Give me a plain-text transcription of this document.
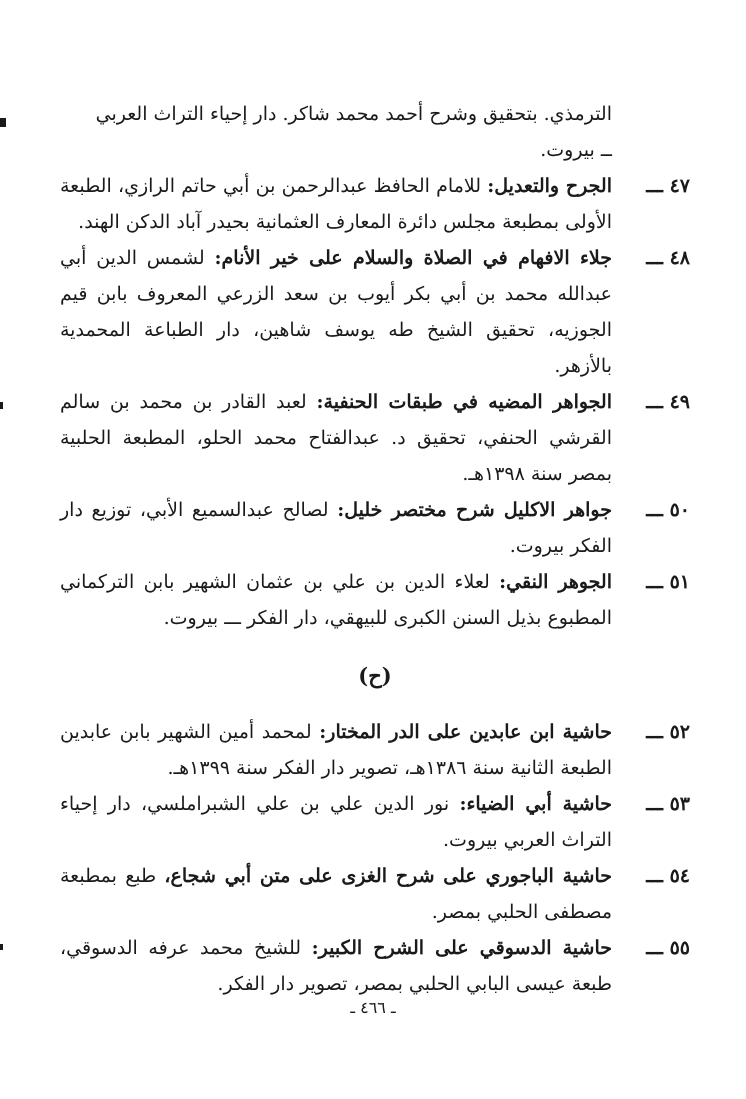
الترمذي. بتحقيق وشرح أحمد محمد شاكر. دار إحياء التراث العربي
ــ بيروت.
٤٧ ـــ
الجرح والتعديل: للامام الحافظ عبدالرحمن بن أبي حاتم الرازي، الطبعة الأولى بمطبعة مجلس دائرة المعارف العثمانية بحيدر آباد الدكن الهند.
٤٨ ـــ
جلاء الافهام في الصلاة والسلام على خير الأنام: لشمس الدين أبي عبدالله محمد بن أبي بكر أيوب بن سعد الزرعي المعروف بابن قيم الجوزيه، تحقيق الشيخ طه يوسف شاهين، دار الطباعة المحمدية بالأزهر.
٤٩ ـــ
الجواهر المضيه في طبقات الحنفية: لعبد القادر بن محمد بن سالم القرشي الحنفي، تحقيق د. عبدالفتاح محمد الحلو، المطبعة الحلبية بمصر سنة ١٣٩٨هـ.
٥٠ ـــ
جواهر الاكليل شرح مختصر خليل: لصالح عبدالسميع الأبي، توزيع دار الفكر بيروت.
٥١ ـــ
الجوهر النقي: لعلاء الدين بن علي بن عثمان الشهير بابن التركماني المطبوع بذيل السنن الكبرى للبيهقي، دار الفكر ـــ بيروت.
(ح)
٥٢ ـــ
حاشية ابن عابدين على الدر المختار: لمحمد أمين الشهير بابن عابدين الطبعة الثانية سنة ١٣٨٦هـ، تصوير دار الفكر سنة ١٣٩٩هـ.
٥٣ ـــ
حاشية أبي الضياء: نور الدين علي بن علي الشبراملسي، دار إحياء التراث العربي بيروت.
٥٤ ـــ
حاشية الباجوري على شرح الغزى على متن أبي شجاع، طبع بمطبعة مصطفى الحلبي بمصر.
٥٥ ـــ
حاشية الدسوقي على الشرح الكبير: للشيخ محمد عرفه الدسوقي، طبعة عيسى البابي الحلبي بمصر، تصوير دار الفكر.
ـ ٤٦٦ ـ
